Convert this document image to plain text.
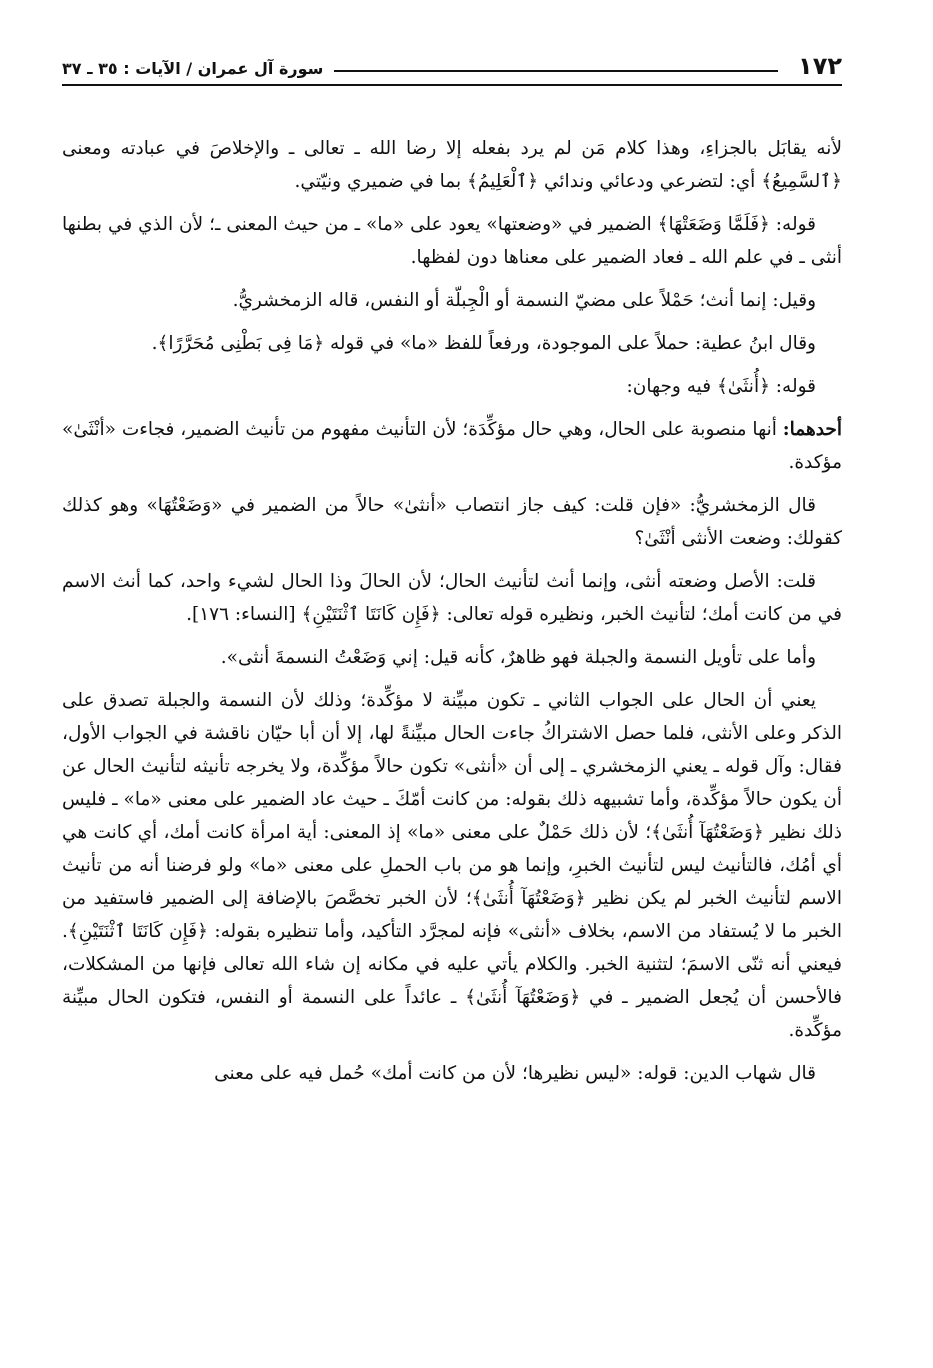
١٧٢
سورة آل عمران / الآيات : ٣٥ ـ ٣٧

لأنه يقابَل بالجزاءِ، وهذا كلام مَن لم يرد بفعله إلا رضا الله ـ تعالى ـ والإخلاصَ في عبادته ومعنى ﴿ٱلسَّمِيعُ﴾ أي: لتضرعي ودعائي وندائي ﴿ٱلْعَلِيمُ﴾ بما في ضميري ونيّتي.

قوله: ﴿فَلَمَّا وَضَعَتْهَا﴾ الضمير في «وضعتها» يعود على «ما» ـ من حيث المعنى ـ؛ لأن الذي في بطنها أنثى ـ في علم الله ـ فعاد الضمير على معناها دون لفظها.

وقيل: إنما أنث؛ حَمْلاً على مضيّ النسمة أو الْجِبلّة أو النفس، قاله الزمخشريُّ.

وقال ابنُ عطية: حملاً على الموجودة، ورفعاً للفظ «ما» في قوله ﴿مَا فِى بَطْنِى مُحَرَّرًا﴾.

قوله: ﴿أُنثَىٰ﴾ فيه وجهان:

أحدهما: أنها منصوبة على الحال، وهي حال مؤكِّدَة؛ لأن التأنيث مفهوم من تأنيث الضمير، فجاءت «أنْثَىٰ» مؤكدة.

قال الزمخشريُّ: «فإن قلت: كيف جاز انتصاب «أنثىٰ» حالاً من الضمير في «وَضَعْتُهَا» وهو كذلك كقولك: وضعت الأنثى أنْثَىٰ؟

قلت: الأصل وضعته أنثى، وإنما أنث لتأنيث الحال؛ لأن الحالَ وذا الحال لشيء واحد، كما أنث الاسم في من كانت أمك؛ لتأنيث الخبر، ونظيره قوله تعالى: ﴿فَإِن كَانَتَا ٱثْنَتَيْنِ﴾ [النساء: ١٧٦].

وأما على تأويل النسمة والجبلة فهو ظاهرٌ، كأنه قيل: إني وَضَعْتُ النسمةَ أنثى».

يعني أن الحال على الجواب الثاني ـ تكون مبيِّنة لا مؤكِّدة؛ وذلك لأن النسمة والجبلة تصدق على الذكر وعلى الأنثى، فلما حصل الاشتراكُ جاءت الحال مبيِّنةً لها، إلا أن أبا حيّان ناقشة في الجواب الأول، فقال: وآل قوله ـ يعني الزمخشري ـ إلى أن «أنثى» تكون حالاً مؤكِّدة، ولا يخرجه تأنيثه لتأنيث الحال عن أن يكون حالاً مؤكِّدة، وأما تشبيهه ذلك بقوله: من كانت أمّكَ ـ حيث عاد الضمير على معنى «ما» ـ فليس ذلك نظير ﴿وَضَعْتُهَآ أُنثَىٰ﴾؛ لأن ذلك حَمْلٌ على معنى «ما» إذ المعنى: أية امرأة كانت أمك، أي كانت هي أي أمُك، فالتأنيث ليس لتأنيث الخبرِ، وإنما هو من باب الحملِ على معنى «ما» ولو فرضنا أنه من تأنيث الاسم لتأنيث الخبر لم يكن نظير ﴿وَضَعْتُهَآ أُنثَىٰ﴾؛ لأن الخبر تخصَّصَ بالإضافة إلى الضمير فاستفيد من الخبر ما لا يُستفاد من الاسم، بخلاف «أنثى» فإنه لمجرَّد التأكيد، وأما تنظيره بقوله: ﴿فَإِن كَانَتَا ٱثْنَتَيْنِ﴾. فيعني أنه ثنّى الاسمَ؛ لتثنية الخبر. والكلام يأتي عليه في مكانه إن شاء الله تعالى فإنها من المشكلات، فالأحسن أن يُجعل الضمير ـ في ﴿وَضَعْتُهَآ أُنثَىٰ﴾ ـ عائداً على النسمة أو النفس، فتكون الحال مبيِّنة مؤكِّدة.

قال شهاب الدين: قوله: «ليس نظيرها؛ لأن من كانت أمك» حُمل فيه على معنى
